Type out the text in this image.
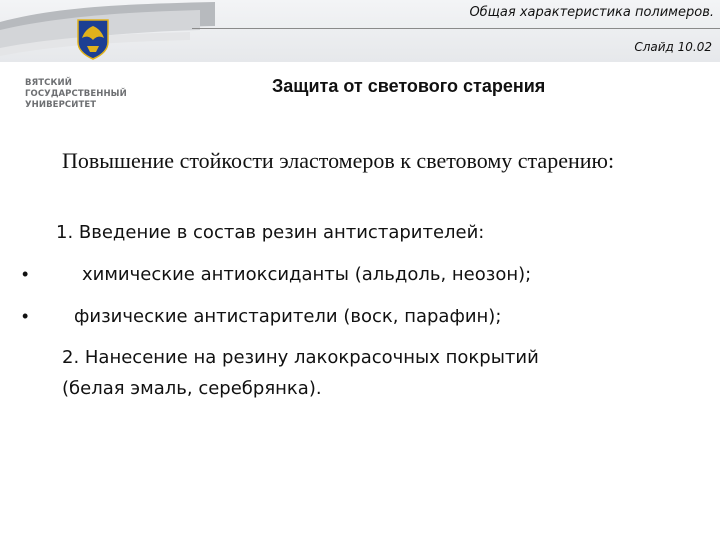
Общая характеристика полимеров.
Слайд 10.02
ВЯТСКИЙ
ГОСУДАРСТВЕННЫЙ
УНИВЕРСИТЕТ
Защита от светового старения
Повышение стойкости эластомеров к световому старению:
1. Введение в состав резин антистарителей:
•	химические антиоксиданты (альдоль, неозон);
•	физические антистарители (воск, парафин);
2. Нанесение на резину лакокрасочных покрытий
(белая эмаль, серебрянка).
